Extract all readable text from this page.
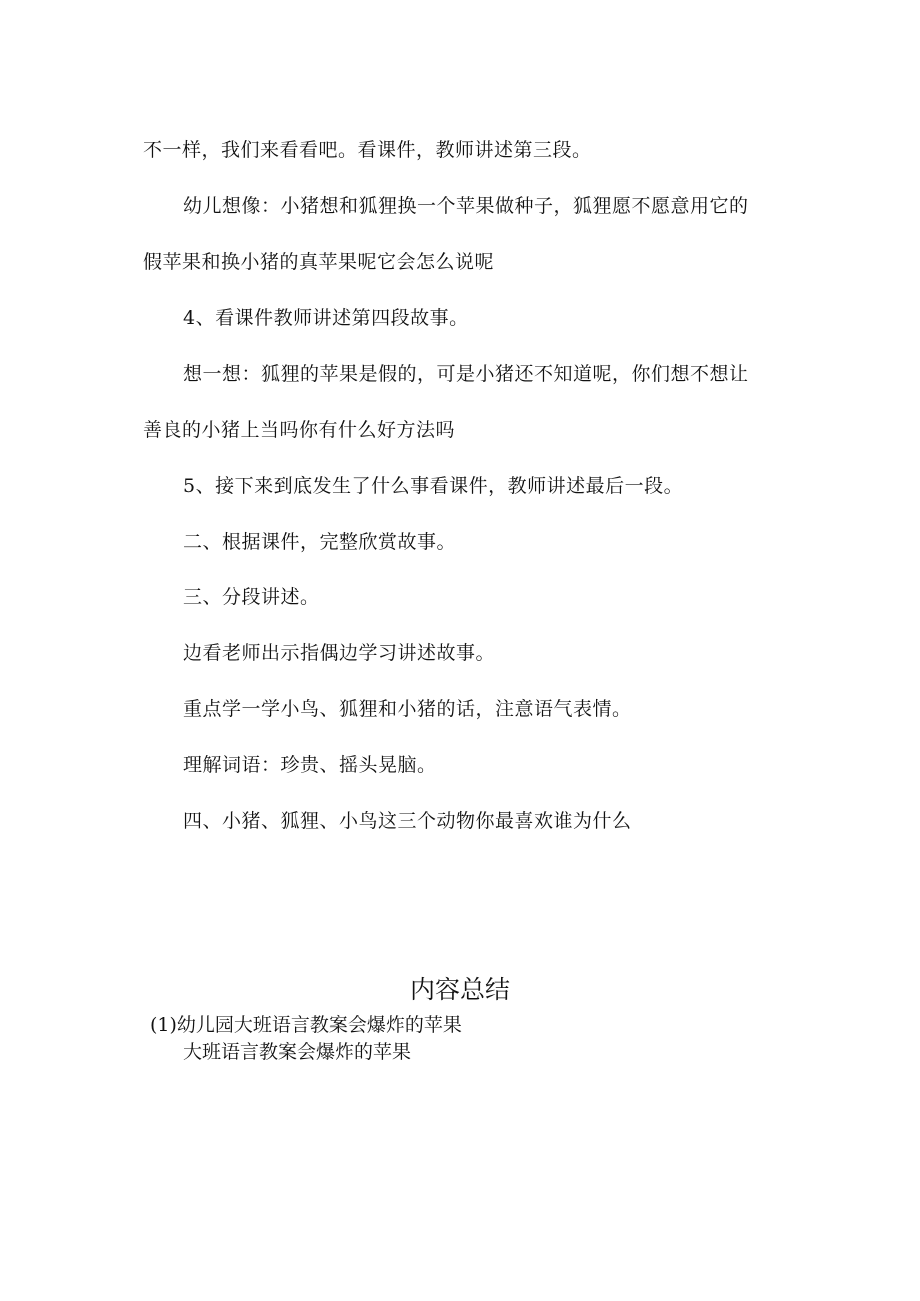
不一样，我们来看看吧。看课件，教师讲述第三段。
幼儿想像：小猪想和狐狸换一个苹果做种子，狐狸愿不愿意用它的
假苹果和换小猪的真苹果呢它会怎么说呢
4、看课件教师讲述第四段故事。
想一想：狐狸的苹果是假的，可是小猪还不知道呢，你们想不想让
善良的小猪上当吗你有什么好方法吗
5、接下来到底发生了什么事看课件，教师讲述最后一段。
二、根据课件，完整欣赏故事。
三、分段讲述。
边看老师出示指偶边学习讲述故事。
重点学一学小鸟、狐狸和小猪的话，注意语气表情。
理解词语：珍贵、摇头晃脑。
四、小猪、狐狸、小鸟这三个动物你最喜欢谁为什么
内容总结
(1)幼儿园大班语言教案会爆炸的苹果
大班语言教案会爆炸的苹果
